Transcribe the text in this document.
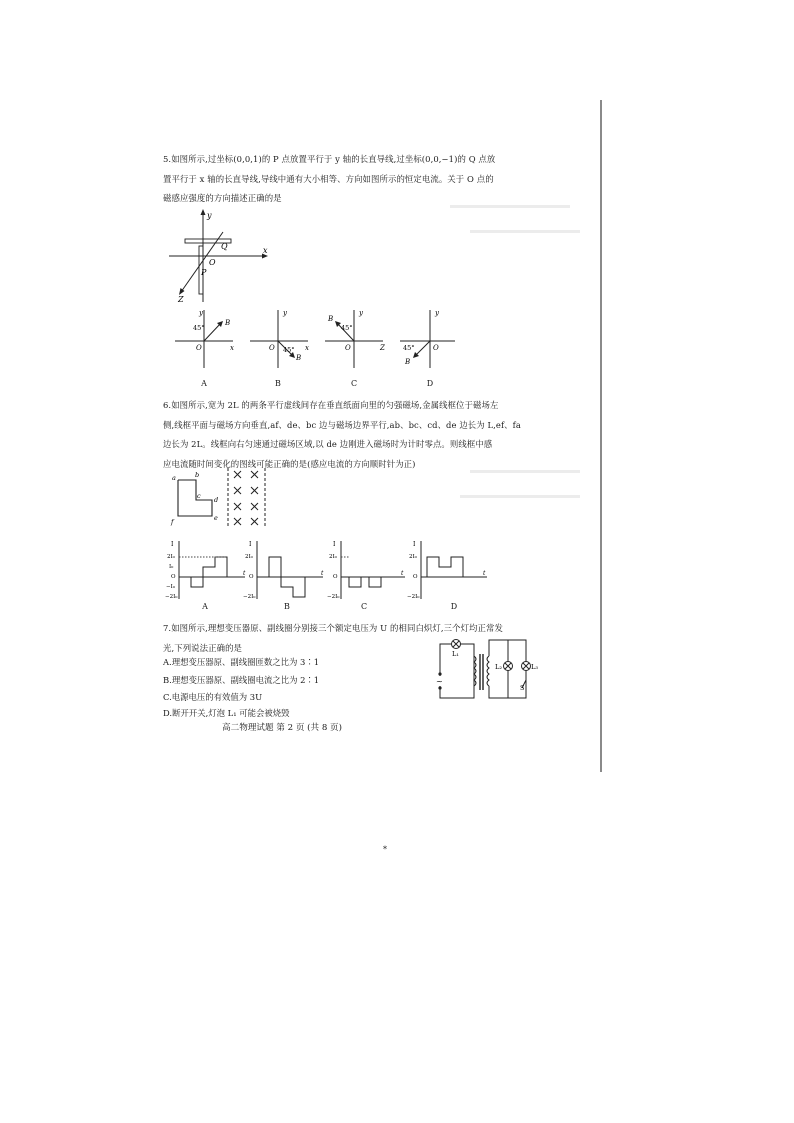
5.如图所示,过坐标(0,0,1)的 P 点放置平行于 y 轴的长直导线,过坐标(0,0,−1)的 Q 点放
置平行于 x 轴的长直导线,导线中通有大小相等、方向如图所示的恒定电流。关于 O 点的
磁感应强度的方向描述正确的是
y
x
Z
O
Q
P
y
x
O
B
45°
y
x
O
B
45°
y
Z
O
B
45°
y
O
B
45°
A	B	C	D
6.如图所示,宽为 2L 的两条平行虚线间存在垂直纸面向里的匀强磁场,金属线框位于磁场左
侧,线框平面与磁场方向垂直,af、de、bc 边与磁场边界平行,ab、bc、cd、de 边长为 L,ef、fa
边长为 2L。线框向右匀速通过磁场区域,以 de 边刚进入磁场时为计时零点。则线框中感
应电流随时间变化的图线可能正确的是(感应电流的方向顺时针为正)
a	b
c d
e
f
I
2I₀
I₀
O
−I₀
−2I₀
t
I
2I₀
O
−2I₀
t
I
2I₀
O
−2I₀
t
I
2I₀
O
−2I₀
t
A	B	C	D
7.如图所示,理想变压器原、副线圈分别接三个额定电压为 U 的相同白炽灯,三个灯均正常发
光,下列说法正确的是
A.理想变压器原、副线圈匝数之比为 3∶1
B.理想变压器原、副线圈电流之比为 2∶1
C.电源电压的有效值为 3U
D.断开开关,灯泡 L₁ 可能会被烧毁
L₁
~
L₂	L₃
S
高二物理试题 第 2 页 (共 8 页)
*
